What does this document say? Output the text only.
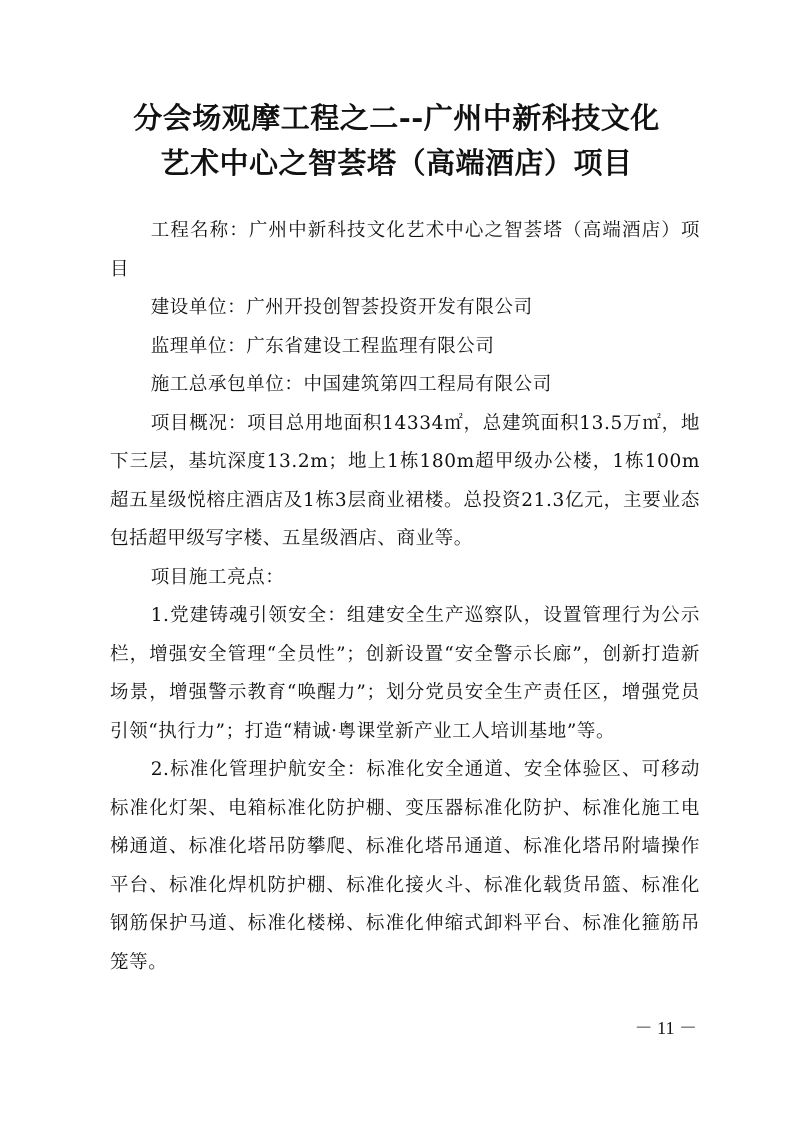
分会场观摩工程之二--广州中新科技文化
艺术中心之智荟塔（高端酒店）项目

工程名称：广州中新科技文化艺术中心之智荟塔（高端酒店）项目

建设单位：广州开投创智荟投资开发有限公司

监理单位：广东省建设工程监理有限公司

施工总承包单位：中国建筑第四工程局有限公司

项目概况：项目总用地面积14334㎡，总建筑面积13.5万㎡，地下三层，基坑深度13.2m；地上1栋180m超甲级办公楼，1栋100m超五星级悦榕庄酒店及1栋3层商业裙楼。总投资21.3亿元，主要业态包括超甲级写字楼、五星级酒店、商业等。

项目施工亮点：

1.党建铸魂引领安全：组建安全生产巡察队，设置管理行为公示栏，增强安全管理“全员性”；创新设置“安全警示长廊”，创新打造新场景，增强警示教育“唤醒力”；划分党员安全生产责任区，增强党员引领“执行力”；打造“精诚·粤课堂新产业工人培训基地”等。

2.标准化管理护航安全：标准化安全通道、安全体验区、可移动标准化灯架、电箱标准化防护棚、变压器标准化防护、标准化施工电梯通道、标准化塔吊防攀爬、标准化塔吊通道、标准化塔吊附墙操作平台、标准化焊机防护棚、标准化接火斗、标准化载货吊篮、标准化钢筋保护马道、标准化楼梯、标准化伸缩式卸料平台、标准化箍筋吊笼等。

－ 11 －
